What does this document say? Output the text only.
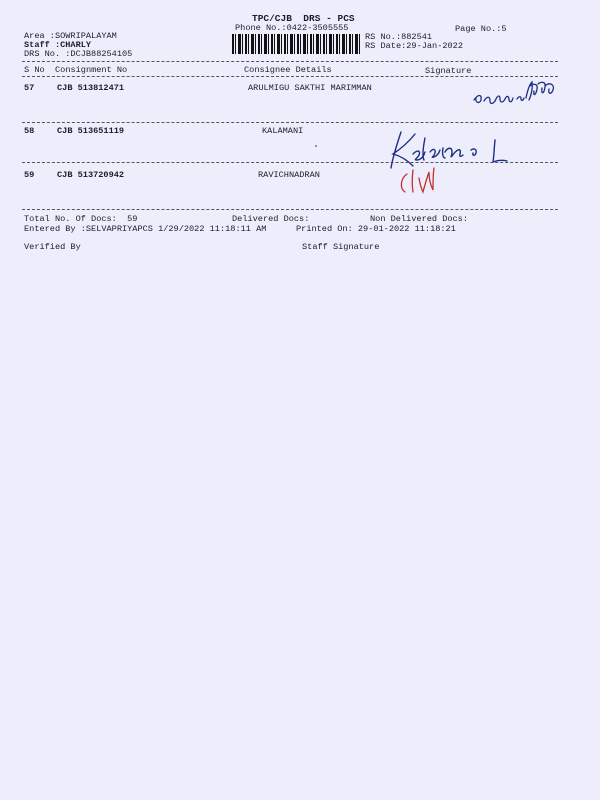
TPC/CJB  DRS - PCS
Phone No.:0422-3505555	Page No.:5
Area :SOWRIPALAYAM
Staff :CHARLY
DRS No. :DCJB88254105
RS No.:882541
RS Date:29-Jan-2022
S No Consignment No	Consignee Details	Signature
57	CJB 513812471	ARULMIGU SAKTHI MARIMMAN
58	CJB 513651119	KALAMANI
59	CJB 513720942	RAVICHNADRAN
Total No. Of Docs:  59	Delivered Docs:	Non Delivered Docs:
Entered By :SELVAPRIYAPCS 1/29/2022 11:18:11 AM	Printed On: 29-01-2022 11:18:21
Verified By	Staff Signature
